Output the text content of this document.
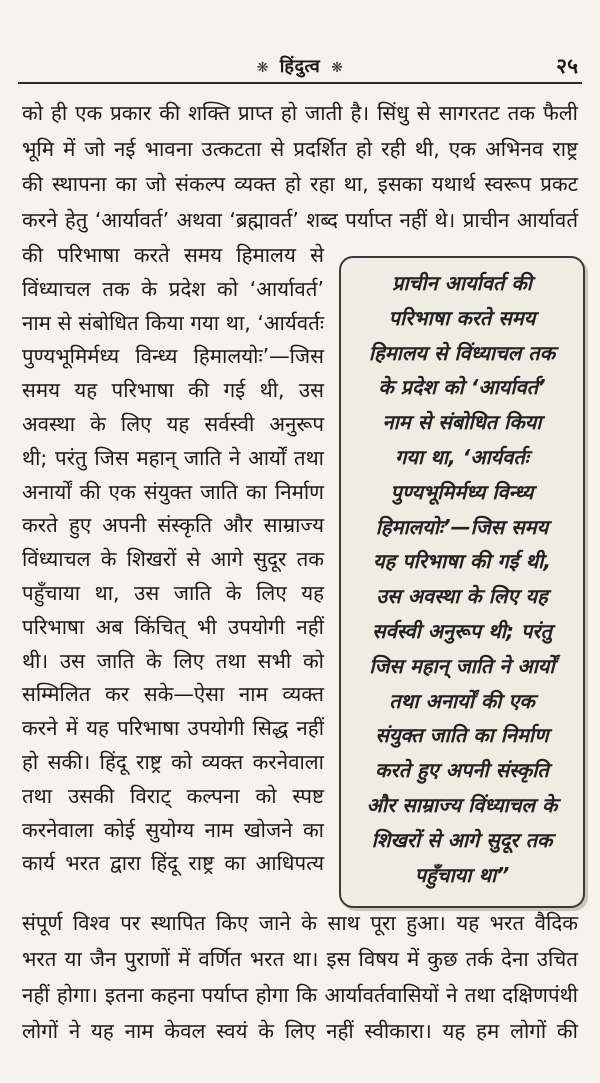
❋ हिंदुत्व ❋	२५
को ही एक प्रकार की शक्ति प्राप्त हो जाती है। सिंधु से सागरतट तक फैली
भूमि में जो नई भावना उत्कटता से प्रदर्शित हो रही थी, एक अभिनव राष्ट्र
की स्थापना का जो संकल्प व्यक्त हो रहा था, इसका यथार्थ स्वरूप प्रकट
करने हेतु ‘आर्यावर्त’ अथवा ‘ब्रह्मावर्त’ शब्द पर्याप्त नहीं थे। प्राचीन आर्यावर्त
की परिभाषा करते समय हिमालय से
विंध्याचल तक के प्रदेश को ‘आर्यावर्त’
नाम से संबोधित किया गया था, ‘आर्यवर्तः
पुण्यभूमिर्मध्य विन्ध्य हिमालयोः’—जिस
समय यह परिभाषा की गई थी, उस
अवस्था के लिए यह सर्वस्वी अनुरूप
थी; परंतु जिस महान् जाति ने आर्यों तथा
अनार्यों की एक संयुक्त जाति का निर्माण
करते हुए अपनी संस्कृति और साम्राज्य
विंध्याचल के शिखरों से आगे सुदूर तक
पहुँचाया था, उस जाति के लिए यह
परिभाषा अब किंचित् भी उपयोगी नहीं
थी। उस जाति के लिए तथा सभी को
सम्मिलित कर सके—ऐसा नाम व्यक्त
करने में यह परिभाषा उपयोगी सिद्ध नहीं
हो सकी। हिंदू राष्ट्र को व्यक्त करनेवाला
तथा उसकी विराट् कल्पना को स्पष्ट
करनेवाला कोई सुयोग्य नाम खोजने का
कार्य भरत द्वारा हिंदू राष्ट्र का आधिपत्य
संपूर्ण विश्व पर स्थापित किए जाने के साथ पूरा हुआ। यह भरत वैदिक
भरत या जैन पुराणों में वर्णित भरत था। इस विषय में कुछ तर्क देना उचित
नहीं होगा। इतना कहना पर्याप्त होगा कि आर्यावर्तवासियों ने तथा दक्षिणपंथी
लोगों ने यह नाम केवल स्वयं के लिए नहीं स्वीकारा। यह हम लोगों की
प्राचीन आर्यावर्त की
परिभाषा करते समय
हिमालय से विंध्याचल तक
के प्रदेश को ‘आर्यावर्त’
नाम से संबोधित किया
गया था, ‘आर्यवर्तः
पुण्यभूमिर्मध्य विन्ध्य
हिमालयोः’—जिस समय
यह परिभाषा की गई थी,
उस अवस्था के लिए यह
सर्वस्वी अनुरूप थी; परंतु
जिस महान् जाति ने आर्यों
तथा अनार्यों की एक
संयुक्त जाति का निर्माण
करते हुए अपनी संस्कृति
और साम्राज्य विंध्याचल के
शिखरों से आगे सुदूर तक
पहुँचाया था”
